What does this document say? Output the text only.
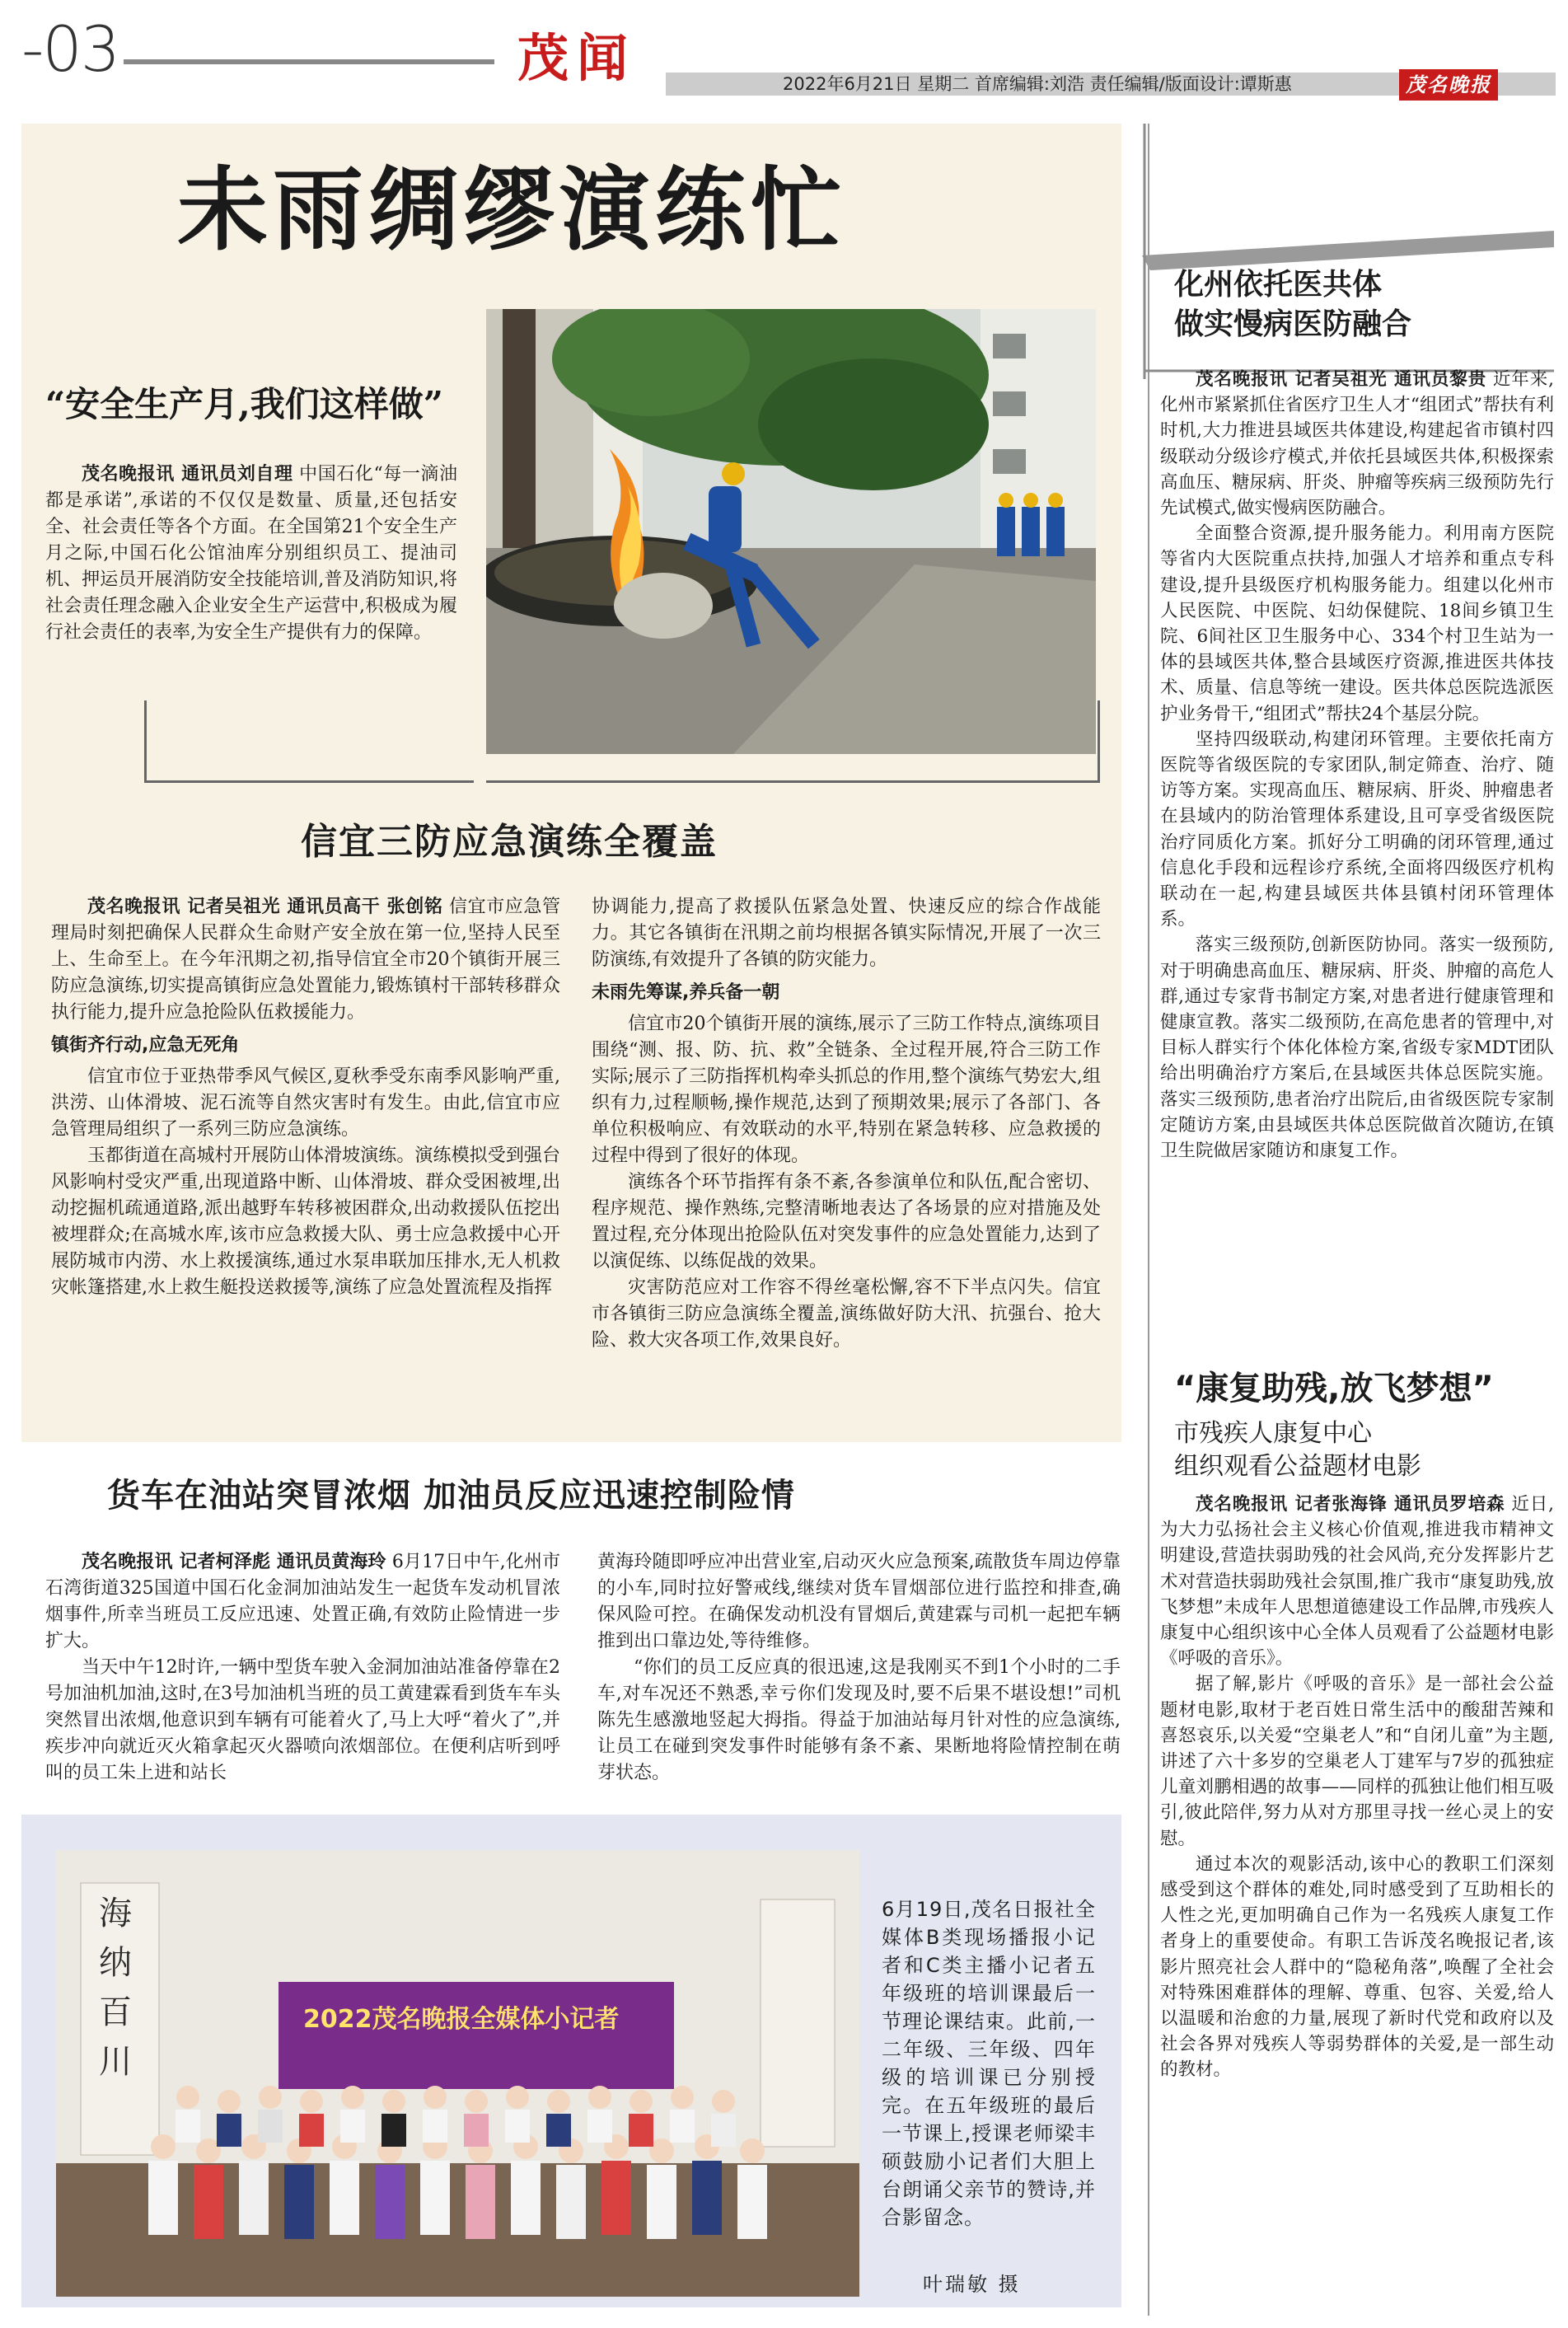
-03	茂闻	2022年6月21日 星期二 首席编辑:刘浩 责任编辑/版面设计:谭斯惠	茂名晚报
未雨绸缪演练忙
“安全生产月,我们这样做”

茂名晚报讯 通讯员刘自理 中国石化“每一滴油都是承诺”,承诺的不仅仅是数量、质量,还包括安全、社会责任等各个方面。在全国第21个安全生产月之际,中国石化公馆油库分别组织员工、提油司机、押运员开展消防安全技能培训,普及消防知识,将社会责任理念融入企业安全生产运营中,积极成为履行社会责任的表率,为安全生产提供有力的保障。

信宜三防应急演练全覆盖

茂名晚报讯 记者吴祖光 通讯员高干 张创铭 信宜市应急管理局时刻把确保人民群众生命财产安全放在第一位,坚持人民至上、生命至上。在今年汛期之初,指导信宜全市20个镇街开展三防应急演练,切实提高镇街应急处置能力,锻炼镇村干部转移群众执行能力,提升应急抢险队伍救援能力。

镇街齐行动,应急无死角

信宜市位于亚热带季风气候区,夏秋季受东南季风影响严重,洪涝、山体滑坡、泥石流等自然灾害时有发生。由此,信宜市应急管理局组织了一系列三防应急演练。

玉都街道在高城村开展防山体滑坡演练。演练模拟受到强台风影响村受灾严重,出现道路中断、山体滑坡、群众受困被埋,出动挖掘机疏通道路,派出越野车转移被困群众,出动救援队伍挖出被埋群众;在高城水库,该市应急救援大队、勇士应急救援中心开展防城市内涝、水上救援演练,通过水泵串联加压排水,无人机救灾帐篷搭建,水上救生艇投送救援等,演练了应急处置流程及指挥

协调能力,提高了救援队伍紧急处置、快速反应的综合作战能力。其它各镇街在汛期之前均根据各镇实际情况,开展了一次三防演练,有效提升了各镇的防灾能力。

未雨先筹谋,养兵备一朝

信宜市20个镇街开展的演练,展示了三防工作特点,演练项目围绕“测、报、防、抗、救”全链条、全过程开展,符合三防工作实际;展示了三防指挥机构牵头抓总的作用,整个演练气势宏大,组织有力,过程顺畅,操作规范,达到了预期效果;展示了各部门、各单位积极响应、有效联动的水平,特别在紧急转移、应急救援的过程中得到了很好的体现。

演练各个环节指挥有条不紊,各参演单位和队伍,配合密切、程序规范、操作熟练,完整清晰地表达了各场景的应对措施及处置过程,充分体现出抢险队伍对突发事件的应急处置能力,达到了以演促练、以练促战的效果。

灾害防范应对工作容不得丝毫松懈,容不下半点闪失。信宜市各镇街三防应急演练全覆盖,演练做好防大汛、抗强台、抢大险、救大灾各项工作,效果良好。

货车在油站突冒浓烟 加油员反应迅速控制险情

茂名晚报讯 记者柯泽彪 通讯员黄海玲 6月17日中午,化州市石湾街道325国道中国石化金洞加油站发生一起货车发动机冒浓烟事件,所幸当班员工反应迅速、处置正确,有效防止险情进一步扩大。

当天中午12时许,一辆中型货车驶入金洞加油站准备停靠在2号加油机加油,这时,在3号加油机当班的员工黄建霖看到货车车头突然冒出浓烟,他意识到车辆有可能着火了,马上大呼“着火了”,并疾步冲向就近灭火箱拿起灭火器喷向浓烟部位。在便利店听到呼叫的员工朱上进和站长

黄海玲随即呼应冲出营业室,启动灭火应急预案,疏散货车周边停靠的小车,同时拉好警戒线,继续对货车冒烟部位进行监控和排查,确保风险可控。在确保发动机没有冒烟后,黄建霖与司机一起把车辆推到出口靠边处,等待维修。

“你们的员工反应真的很迅速,这是我刚买不到1个小时的二手车,对车况还不熟悉,幸亏你们发现及时,要不后果不堪设想!”司机陈先生感激地竖起大拇指。得益于加油站每月针对性的应急演练,让员工在碰到突发事件时能够有条不紊、果断地将险情控制在萌芽状态。

海
纳
百
川
2022茂名晚报全媒体小记者
6月19日,茂名日报社全媒体B类现场播报小记者和C类主播小记者五年级班的培训课最后一节理论课结束。此前,一二年级、三年级、四年级的培训课已分别授完。在五年级班的最后一节课上,授课老师梁丰硕鼓励小记者们大胆上台朗诵父亲节的赞诗,并合影留念。
叶瑞敏 摄
化州依托医共体
做实慢病医防融合

茂名晚报讯 记者吴祖光 通讯员黎贵 近年来,化州市紧紧抓住省医疗卫生人才“组团式”帮扶有利时机,大力推进县域医共体建设,构建起省市镇村四级联动分级诊疗模式,并依托县域医共体,积极探索高血压、糖尿病、肝炎、肿瘤等疾病三级预防先行先试模式,做实慢病医防融合。

全面整合资源,提升服务能力。利用南方医院等省内大医院重点扶持,加强人才培养和重点专科建设,提升县级医疗机构服务能力。组建以化州市人民医院、中医院、妇幼保健院、18间乡镇卫生院、6间社区卫生服务中心、334个村卫生站为一体的县域医共体,整合县域医疗资源,推进医共体技术、质量、信息等统一建设。医共体总医院选派医护业务骨干,“组团式”帮扶24个基层分院。

坚持四级联动,构建闭环管理。主要依托南方医院等省级医院的专家团队,制定筛查、治疗、随访等方案。实现高血压、糖尿病、肝炎、肿瘤患者在县域内的防治管理体系建设,且可享受省级医院治疗同质化方案。抓好分工明确的闭环管理,通过信息化手段和远程诊疗系统,全面将四级医疗机构联动在一起,构建县域医共体县镇村闭环管理体系。

落实三级预防,创新医防协同。落实一级预防,对于明确患高血压、糖尿病、肝炎、肿瘤的高危人群,通过专家背书制定方案,对患者进行健康管理和健康宣教。落实二级预防,在高危患者的管理中,对目标人群实行个体化体检方案,省级专家MDT团队给出明确治疗方案后,在县域医共体总医院实施。落实三级预防,患者治疗出院后,由省级医院专家制定随访方案,由县域医共体总医院做首次随访,在镇卫生院做居家随访和康复工作。

“康复助残,放飞梦想”
市残疾人康复中心
组织观看公益题材电影

茂名晚报讯 记者张海锋 通讯员罗培森 近日,为大力弘扬社会主义核心价值观,推进我市精神文明建设,营造扶弱助残的社会风尚,充分发挥影片艺术对营造扶弱助残社会氛围,推广我市“康复助残,放飞梦想”未成年人思想道德建设工作品牌,市残疾人康复中心组织该中心全体人员观看了公益题材电影《呼吸的音乐》。

据了解,影片《呼吸的音乐》是一部社会公益题材电影,取材于老百姓日常生活中的酸甜苦辣和喜怒哀乐,以关爱“空巢老人”和“自闭儿童”为主题,讲述了六十多岁的空巢老人丁建军与7岁的孤独症儿童刘鹏相遇的故事——同样的孤独让他们相互吸引,彼此陪伴,努力从对方那里寻找一丝心灵上的安慰。

通过本次的观影活动,该中心的教职工们深刻感受到这个群体的难处,同时感受到了互助相长的人性之光,更加明确自己作为一名残疾人康复工作者身上的重要使命。有职工告诉茂名晚报记者,该影片照亮社会人群中的“隐秘角落”,唤醒了全社会对特殊困难群体的理解、尊重、包容、关爱,给人以温暖和治愈的力量,展现了新时代党和政府以及社会各界对残疾人等弱势群体的关爱,是一部生动的教材。
